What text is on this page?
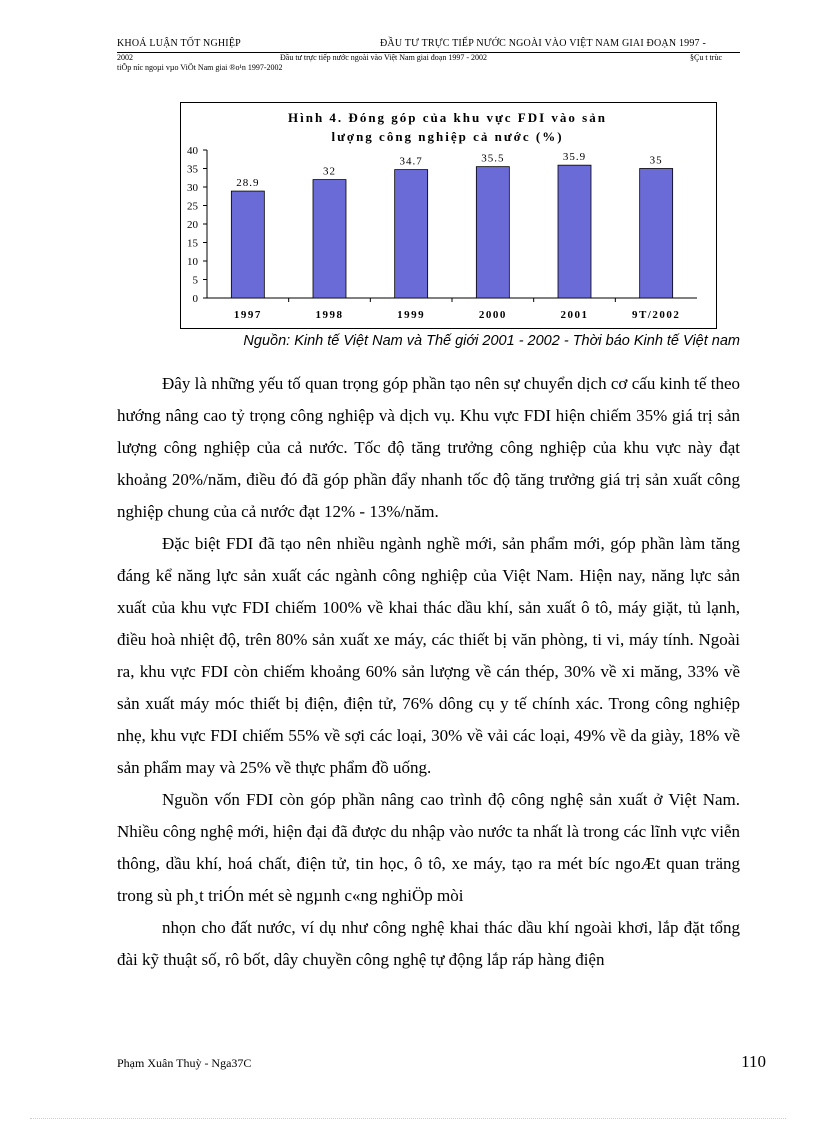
KHOÁ LUẬN TỐT NGHIỆP	ĐẦU TƯ TRỰC TIẾP NƯỚC NGOÀI VÀO VIỆT NAM GIAI ĐOẠN 1997 -
2002	Đầu tư trực tiếp nước ngoài vào Việt Nam giai đoạn 1997 - 2002	§Çu t trùc
tiÕp níc ngoµi vµo ViÖt Nam giai ®o¹n 1997-2002
Hình 4. Đóng góp của khu vực FDI vào sản
lượng công nghiệp cả nước (%)
0
5
10
15
20
25
30
35
40
28.9
1997
32
1998
34.7
1999
35.5
2000
35.9
2001
35
9T/2002
Nguồn: Kinh tế Việt Nam và Thế giới 2001 - 2002 - Thời báo Kinh tế Việt nam

Đây là những yếu tố quan trọng góp phần tạo nên sự chuyển dịch cơ cấu kinh tế theo hướng nâng cao tỷ trọng công nghiệp và dịch vụ. Khu vực FDI hiện chiếm 35% giá trị sản lượng công nghiệp của cả nước. Tốc độ tăng trưởng công nghiệp của khu vực này đạt khoảng 20%/năm, điều đó đã góp phần đẩy nhanh tốc độ tăng trưởng giá trị sản xuất công nghiệp chung của cả nước đạt 12% - 13%/năm.

Đặc biệt FDI đã tạo nên nhiều ngành nghề mới, sản phẩm mới, góp phần làm tăng đáng kể năng lực sản xuất các ngành công nghiệp của Việt Nam. Hiện nay, năng lực sản xuất của khu vực FDI chiếm 100% về khai thác dầu khí, sản xuất ô tô, máy giặt, tủ lạnh, điều hoà nhiệt độ, trên 80% sản xuất xe máy, các thiết bị văn phòng, ti vi, máy tính. Ngoài ra, khu vực FDI còn chiếm khoảng 60% sản lượng về cán thép, 30% về xi măng, 33% về sản xuất máy móc thiết bị điện, điện tử, 76% dông cụ y tế chính xác. Trong công nghiệp nhẹ, khu vực FDI chiếm 55% về sợi các loại, 30% về vải các loại, 49% về da giày, 18% về sản phẩm may và 25% về thực phẩm đồ uống.

Nguồn vốn FDI còn góp phần nâng cao trình độ công nghệ sản xuất ở Việt Nam. Nhiều công nghệ mới, hiện đại đã được du nhập vào nước ta nhất là trong các lĩnh vực viễn thông, dầu khí, hoá chất, điện tử, tin học, ô tô, xe máy, tạo ra mét bíc ngoÆt quan träng trong sù ph¸t triÓn mét sè ngµnh c«ng nghiÖp mòi

nhọn cho đất nước, ví dụ như công nghệ khai thác dầu khí ngoài khơi, lắp đặt tổng đài kỹ thuật số, rô bốt, dây chuyền công nghệ tự động lắp ráp hàng điện

Phạm Xuân Thuỳ - Nga37C	110
